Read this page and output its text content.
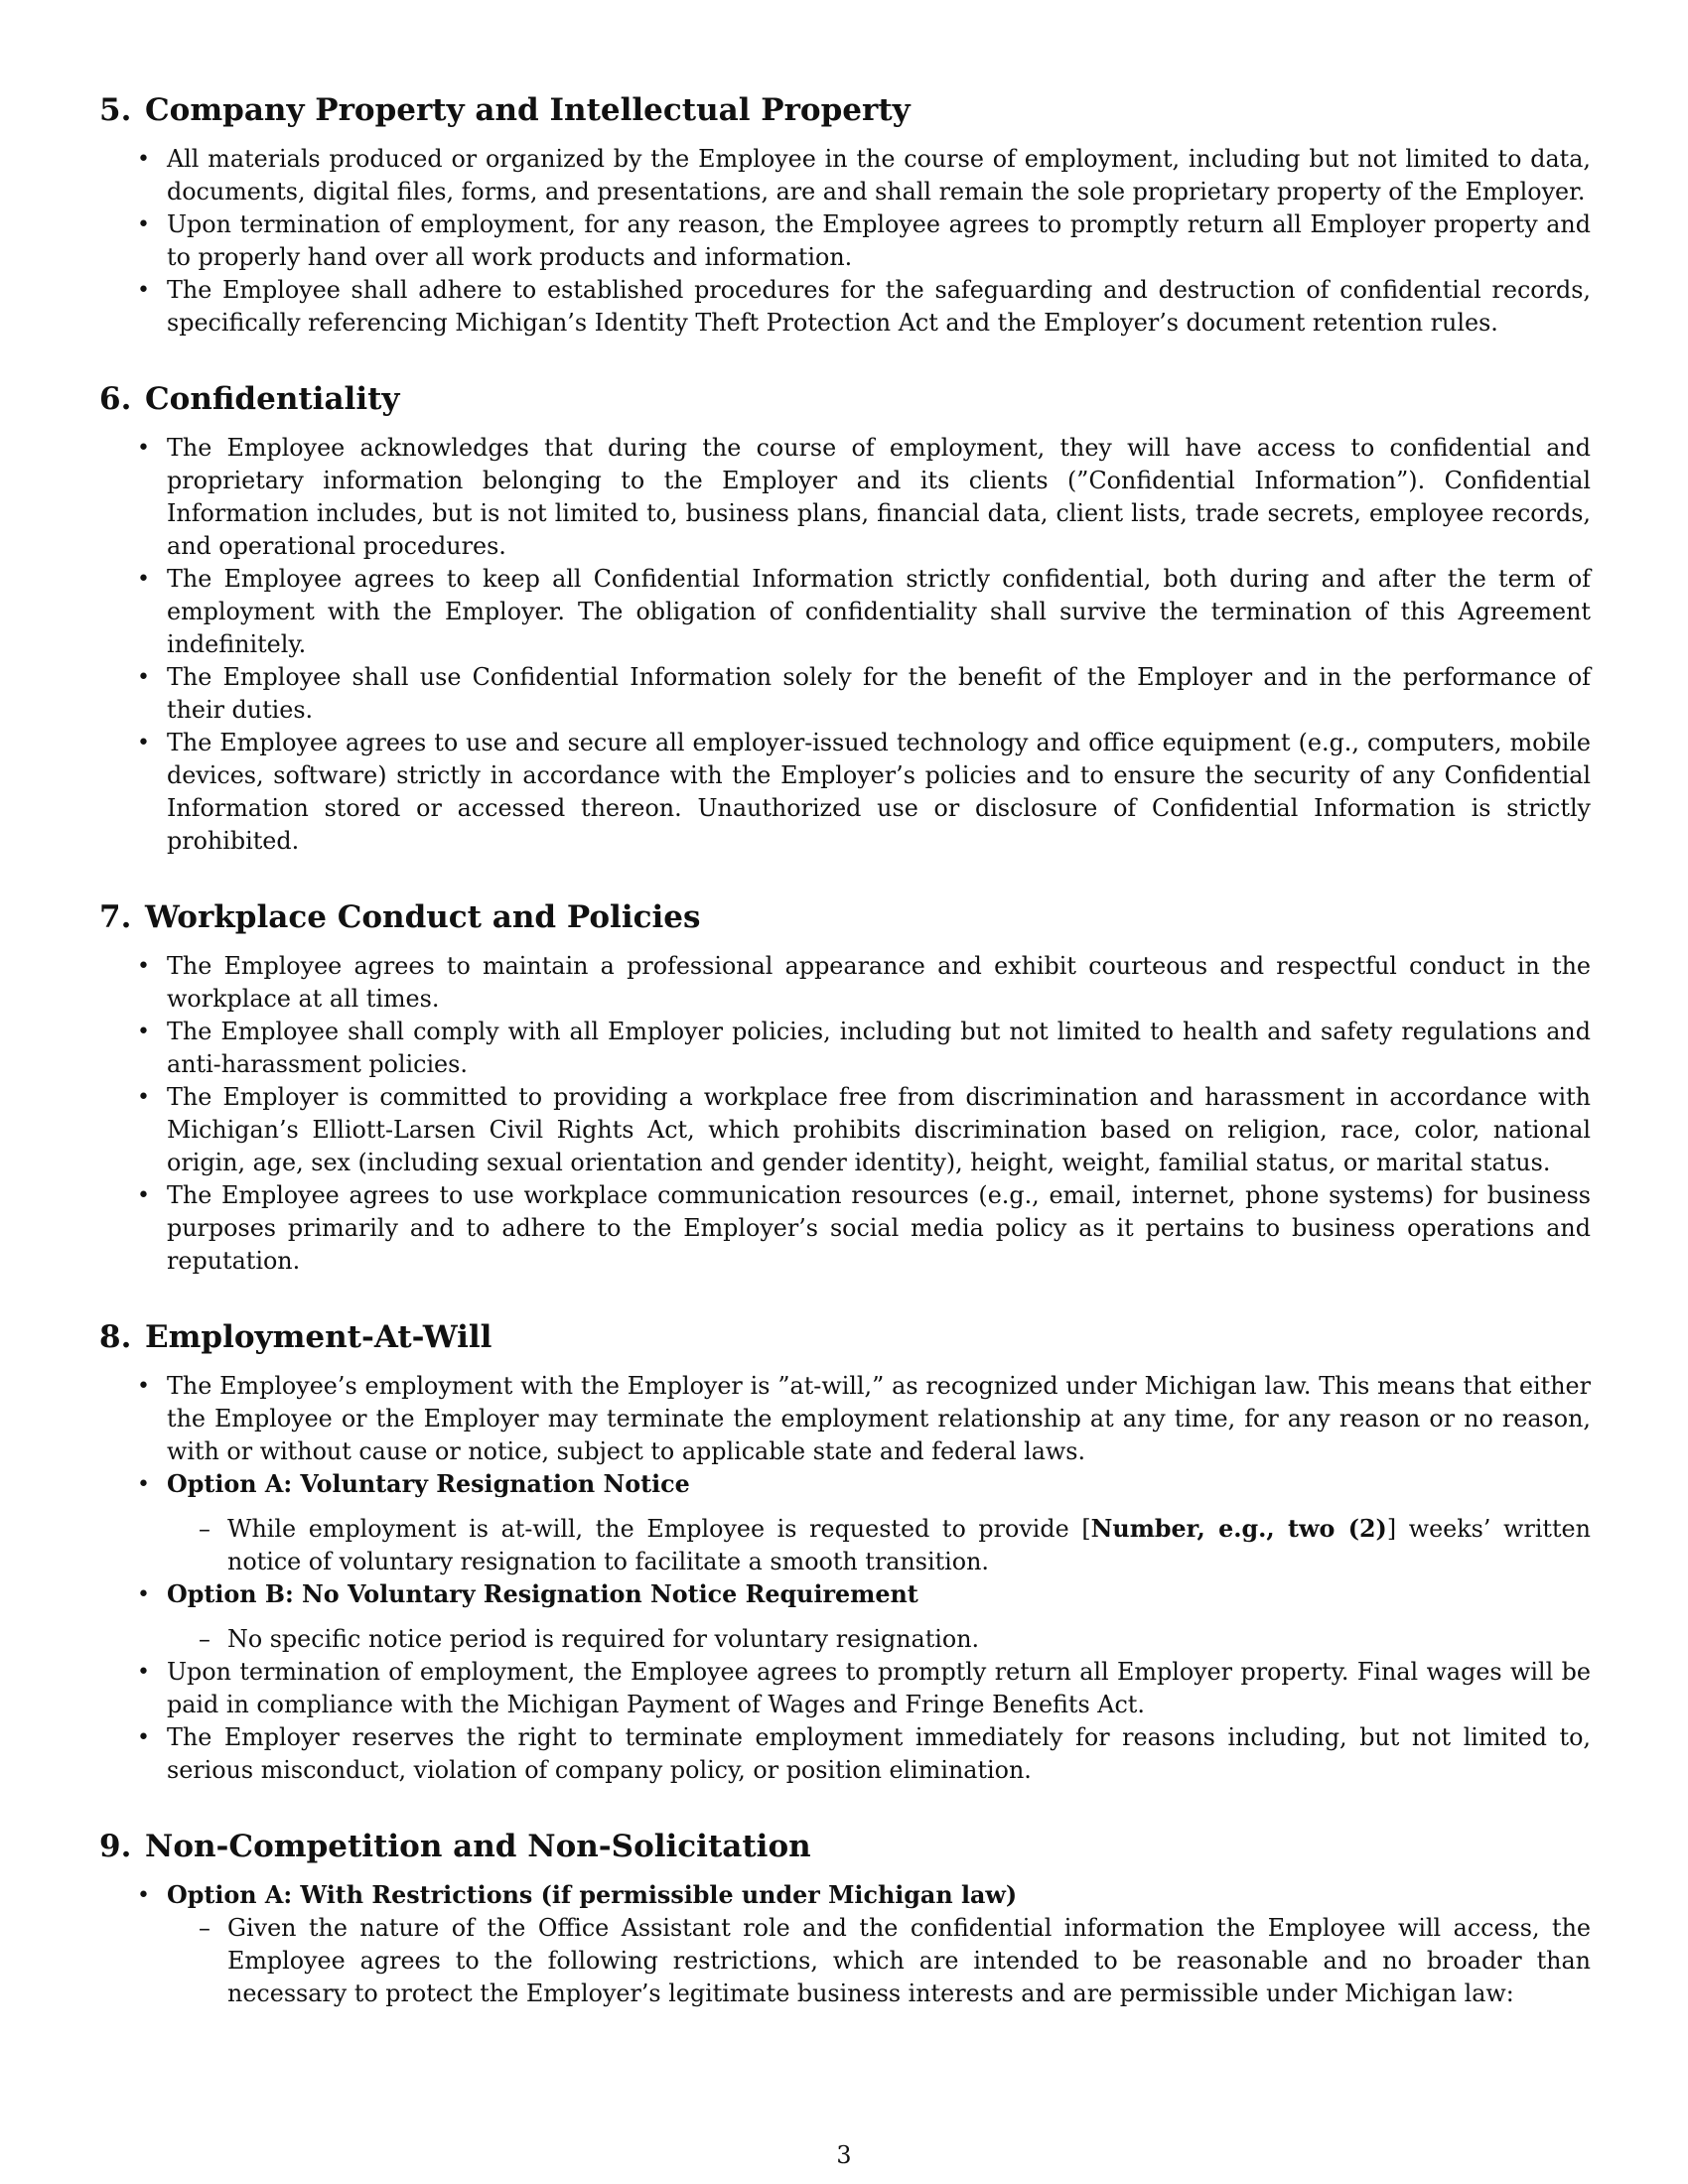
5. Company Property and Intellectual Property
• All materials produced or organized by the Employee in the course of employment, including but not limited to data, documents, digital files, forms, and presentations, are and shall remain the sole proprietary property of the Employer.
• Upon termination of employment, for any reason, the Employee agrees to promptly return all Employer property and to properly hand over all work products and information.
• The Employee shall adhere to established procedures for the safeguarding and destruction of confidential records, specifically referencing Michigan’s Identity Theft Protection Act and the Employer’s document retention rules.
6. Confidentiality
• The Employee acknowledges that during the course of employment, they will have access to confidential and proprietary information belonging to the Employer and its clients (”Confidential Information”). Confidential Information includes, but is not limited to, business plans, financial data, client lists, trade secrets, employee records, and operational procedures.
• The Employee agrees to keep all Confidential Information strictly confidential, both during and after the term of employment with the Employer. The obligation of confidentiality shall survive the termination of this Agreement indefinitely.
• The Employee shall use Confidential Information solely for the benefit of the Employer and in the performance of their duties.
• The Employee agrees to use and secure all employer-issued technology and office equipment (e.g., computers, mobile devices, software) strictly in accordance with the Employer’s policies and to ensure the security of any Confidential Information stored or accessed thereon. Unauthorized use or disclosure of Confidential Information is strictly prohibited.
7. Workplace Conduct and Policies
• The Employee agrees to maintain a professional appearance and exhibit courteous and respectful conduct in the workplace at all times.
• The Employee shall comply with all Employer policies, including but not limited to health and safety regulations and anti-harassment policies.
• The Employer is committed to providing a workplace free from discrimination and harassment in accordance with Michigan’s Elliott-Larsen Civil Rights Act, which prohibits discrimination based on religion, race, color, national origin, age, sex (including sexual orientation and gender identity), height, weight, familial status, or marital status.
• The Employee agrees to use workplace communication resources (e.g., email, internet, phone systems) for business purposes primarily and to adhere to the Employer’s social media policy as it pertains to business operations and reputation.
8. Employment-At-Will
• The Employee’s employment with the Employer is ”at-will,” as recognized under Michigan law. This means that either the Employee or the Employer may terminate the employment relationship at any time, for any reason or no reason, with or without cause or notice, subject to applicable state and federal laws.
• Option A: Voluntary Resignation Notice
– While employment is at-will, the Employee is requested to provide [Number, e.g., two (2)] weeks’ written notice of voluntary resignation to facilitate a smooth transition.
• Option B: No Voluntary Resignation Notice Requirement
– No specific notice period is required for voluntary resignation.
• Upon termination of employment, the Employee agrees to promptly return all Employer property. Final wages will be paid in compliance with the Michigan Payment of Wages and Fringe Benefits Act.
• The Employer reserves the right to terminate employment immediately for reasons including, but not limited to, serious misconduct, violation of company policy, or position elimination.
9. Non-Competition and Non-Solicitation
• Option A: With Restrictions (if permissible under Michigan law)
– Given the nature of the Office Assistant role and the confidential information the Employee will access, the Employee agrees to the following restrictions, which are intended to be reasonable and no broader than necessary to protect the Employer’s legitimate business interests and are permissible under Michigan law:
3
